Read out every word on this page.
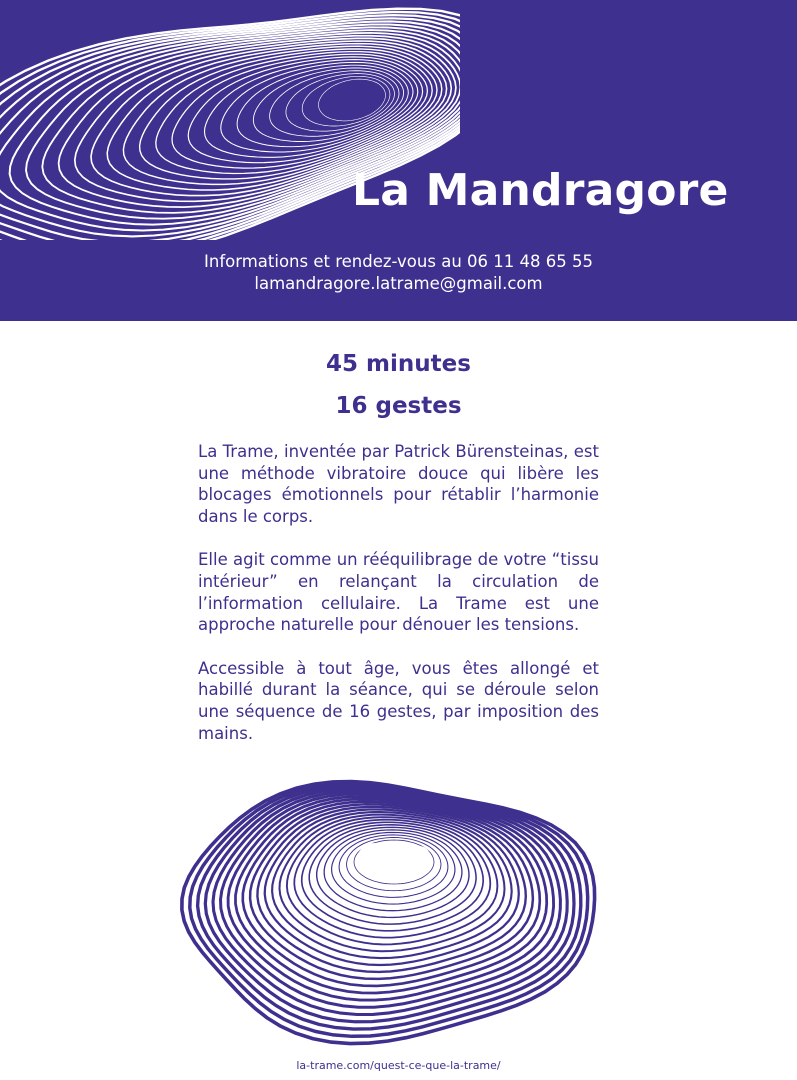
La Mandragore
Informations et rendez-vous au 06 11 48 65 55
lamandragore.latrame@gmail.com
45 minutes
16 gestes

La Trame, inventée par Patrick Bürensteinas, est une méthode vibratoire douce qui libère les blocages émotionnels pour rétablir l’harmonie dans le corps.

Elle agit comme un rééquilibrage de votre “tissu intérieur” en relançant la circulation de l’information cellulaire. La Trame est une approche naturelle pour dénouer les tensions.

Accessible à tout âge, vous êtes allongé et habillé durant la séance, qui se déroule selon une séquence de 16 gestes, par imposition des mains.

la-trame.com/quest-ce-que-la-trame/
